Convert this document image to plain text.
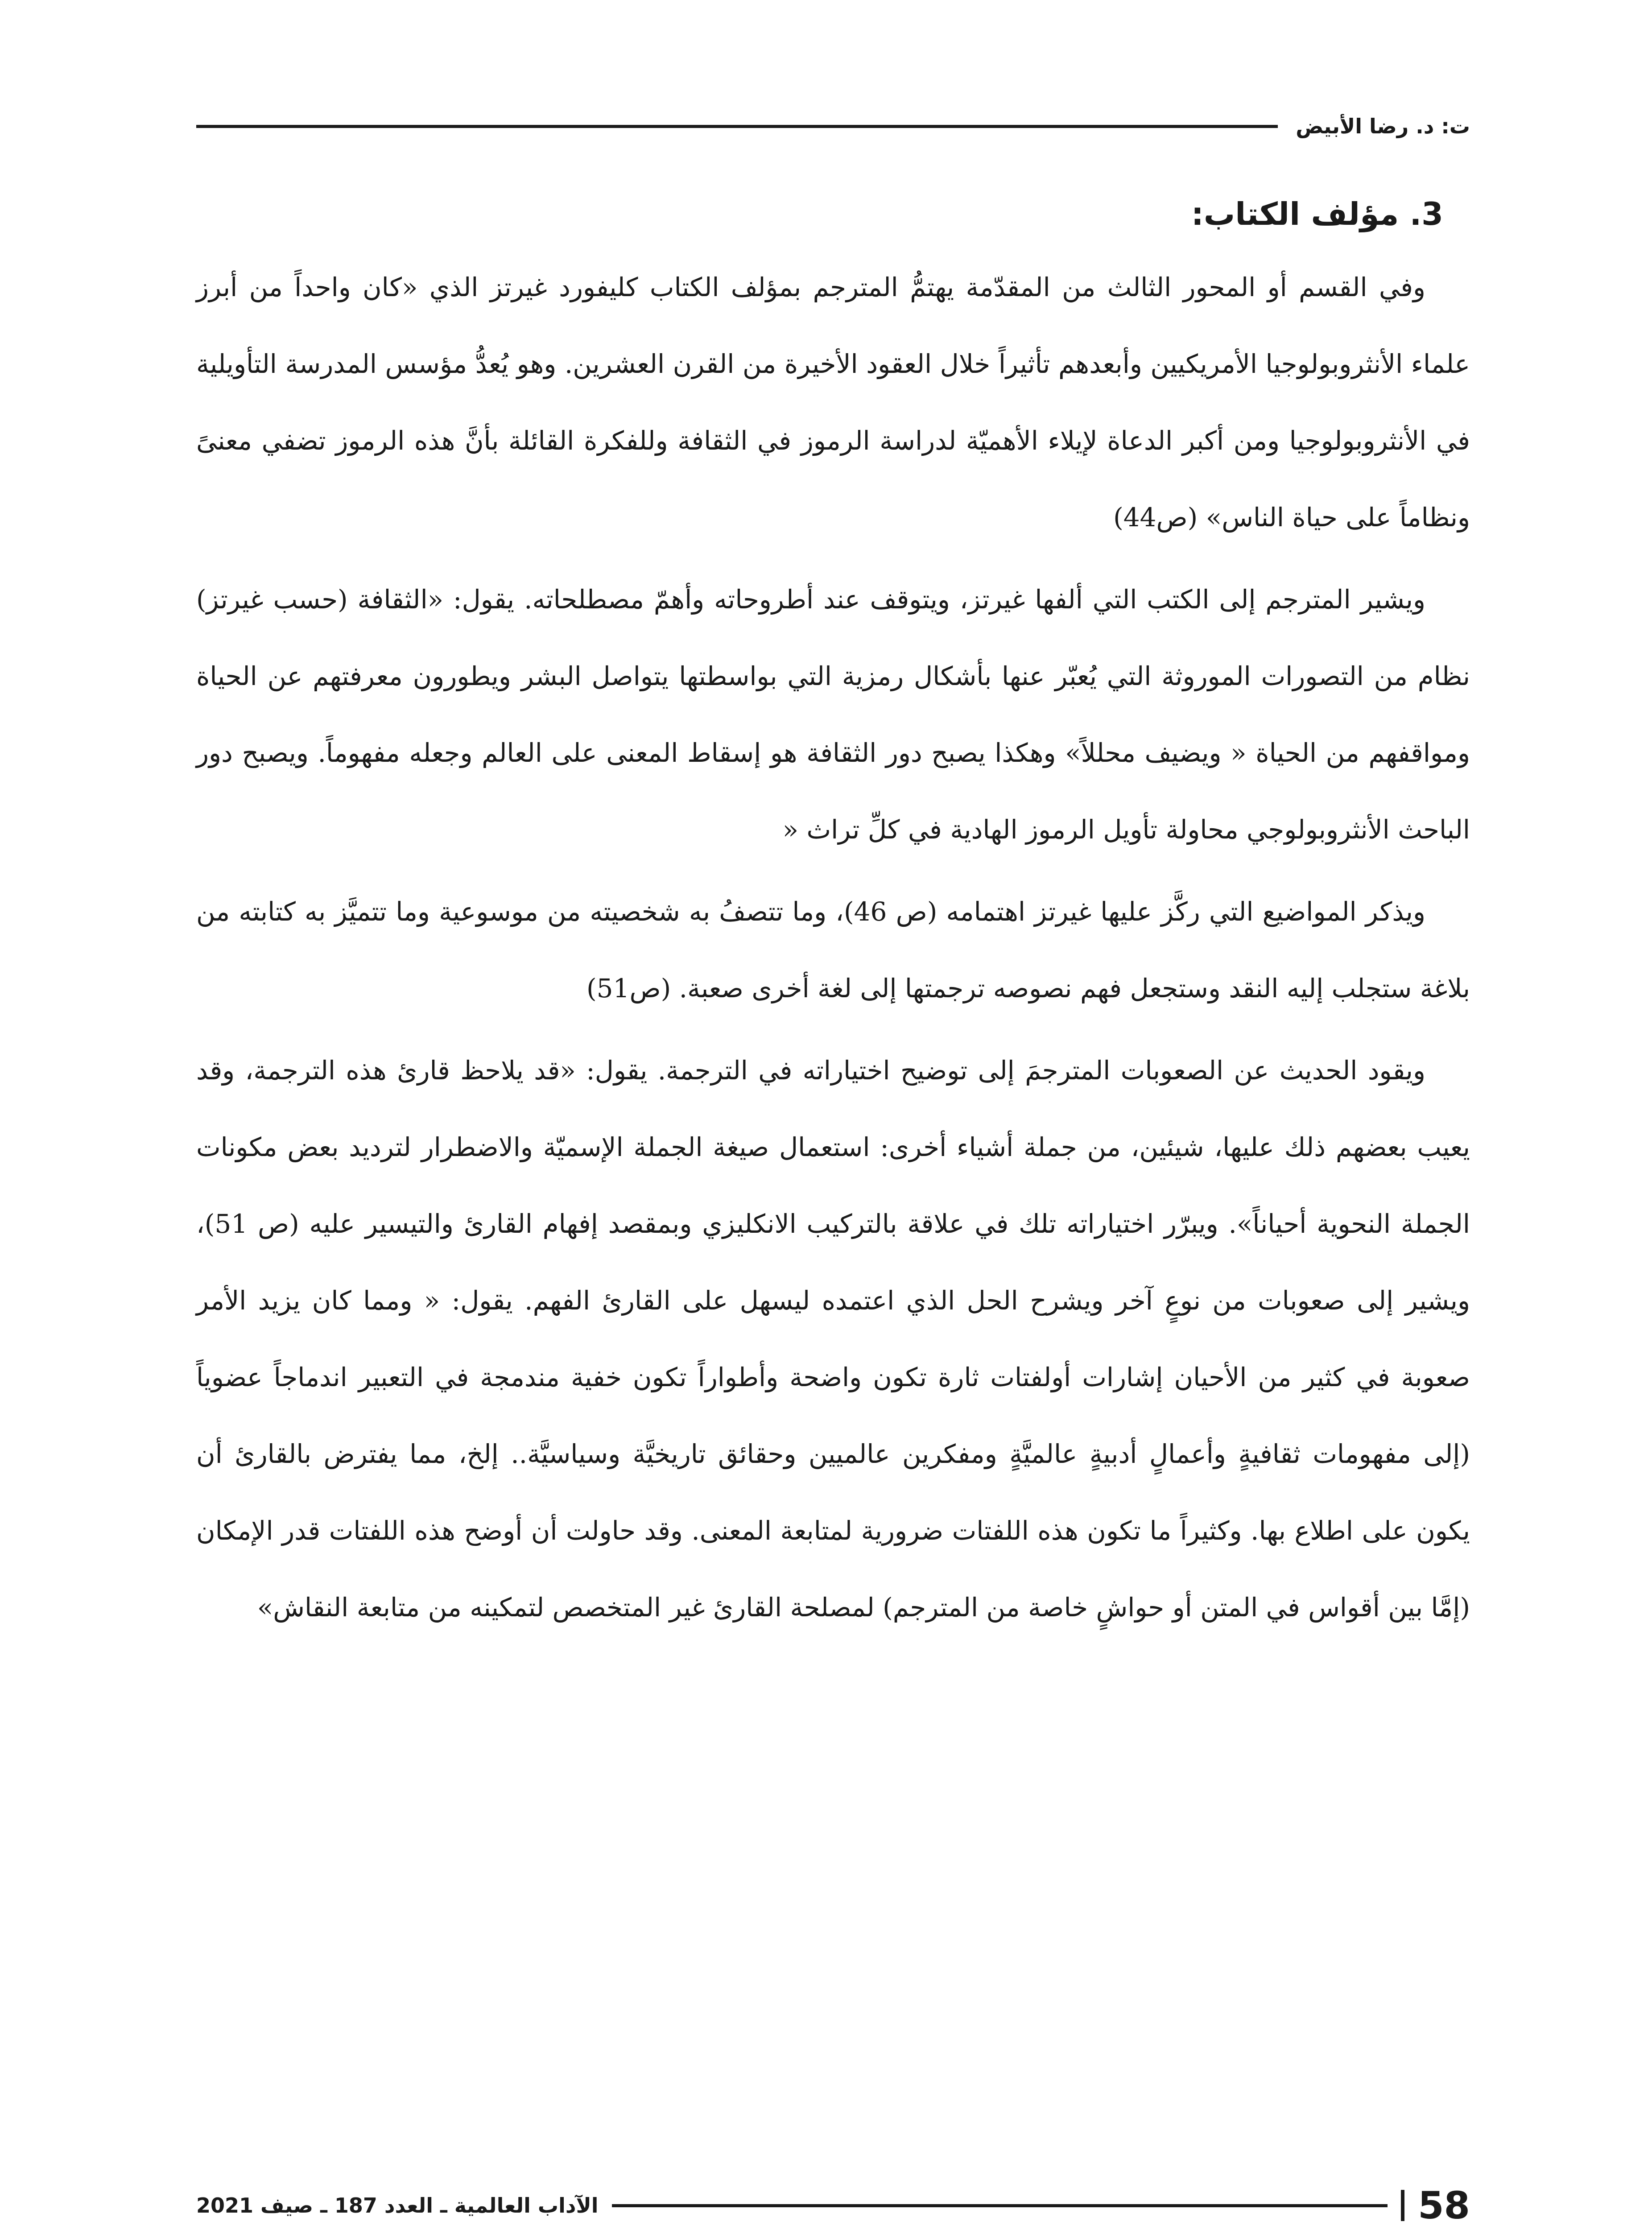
ت: د. رضا الأبيض
3. مؤلف الكتاب:

وفي القسم أو المحور الثالث من المقدّمة يهتمُّ المترجم بمؤلف الكتاب كليفورد غيرتز الذي «كان واحداً من أبرز علماء الأنثروبولوجيا الأمريكيين وأبعدهم تأثيراً خلال العقود الأخيرة من القرن العشرين. وهو يُعدُّ مؤسس المدرسة التأويلية في الأنثروبولوجيا ومن أكبر الدعاة لإيلاء الأهميّة لدراسة الرموز في الثقافة وللفكرة القائلة بأنَّ هذه الرموز تضفي معنىً ونظاماً على حياة الناس» (ص44)

ويشير المترجم إلى الكتب التي ألفها غيرتز، ويتوقف عند أطروحاته وأهمّ مصطلحاته. يقول: «الثقافة (حسب غيرتز) نظام من التصورات الموروثة التي يُعبّر عنها بأشكال رمزية التي بواسطتها يتواصل البشر ويطورون معرفتهم عن الحياة ومواقفهم من الحياة « ويضيف محللاً» وهكذا يصبح دور الثقافة هو إسقاط المعنى على العالم وجعله مفهوماً. ويصبح دور الباحث الأنثروبولوجي محاولة تأويل الرموز الهادية في كلِّ تراث «

ويذكر المواضيع التي ركَّز عليها غيرتز اهتمامه (ص 46)، وما تتصفُ به شخصيته من موسوعية وما تتميَّز به كتابته من بلاغة ستجلب إليه النقد وستجعل فهم نصوصه ترجمتها إلى لغة أخرى صعبة. (ص51)

ويقود الحديث عن الصعوبات المترجمَ إلى توضيح اختياراته في الترجمة. يقول: «قد يلاحظ قارئ هذه الترجمة، وقد يعيب بعضهم ذلك عليها، شيئين، من جملة أشياء أخرى: استعمال صيغة الجملة الإسميّة والاضطرار لترديد بعض مكونات الجملة النحوية أحياناً». ويبرّر اختياراته تلك في علاقة بالتركيب الانكليزي وبمقصد إفهام القارئ والتيسير عليه (ص 51)، ويشير إلى صعوبات من نوعٍ آخر ويشرح الحل الذي اعتمده ليسهل على القارئ الفهم. يقول: « ومما كان يزيد الأمر صعوبة في كثير من الأحيان إشارات أولفتات ثارة تكون واضحة وأطواراً تكون خفية مندمجة في التعبير اندماجاً عضوياً (إلى مفهومات ثقافيةٍ وأعمالٍ أدبيةٍ عالميَّةٍ ومفكرين عالميين وحقائق تاريخيَّة وسياسيَّة.. إلخ، مما يفترض بالقارئ أن يكون على اطلاع بها. وكثيراً ما تكون هذه اللفتات ضرورية لمتابعة المعنى. وقد حاولت أن أوضح هذه اللفتات قدر الإمكان (إمَّا بين أقواس في المتن أو حواشٍ خاصة من المترجم) لمصلحة القارئ غير المتخصص لتمكينه من متابعة النقاش»

58
الآداب العالمية ـ العدد 187 ـ صيف 2021
